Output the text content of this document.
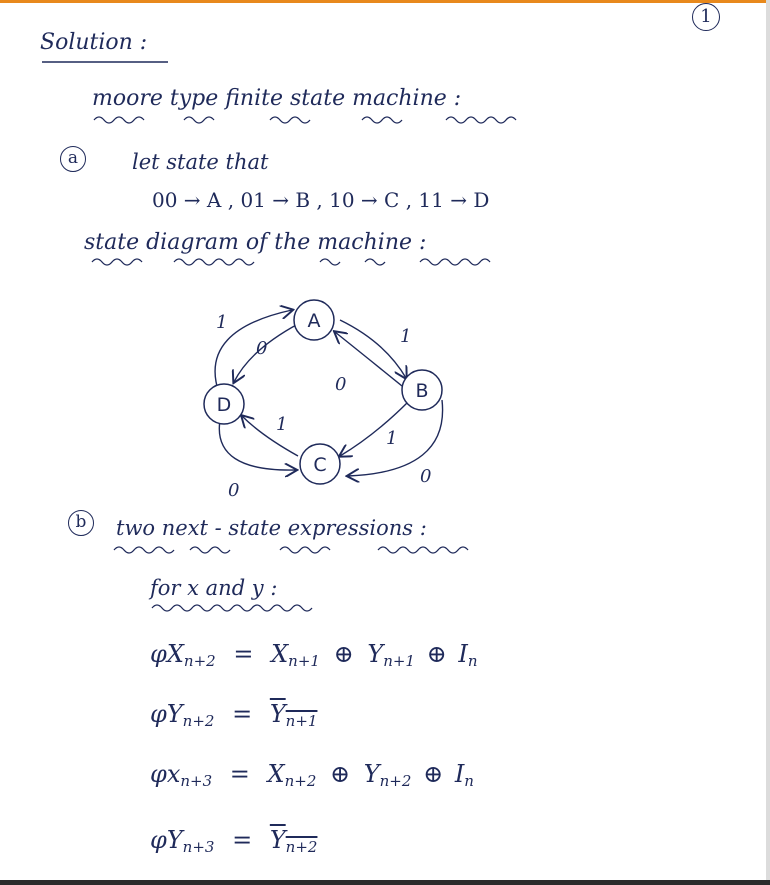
1
Solution :
moore type finite state machine :
a	let state that
00 → A , 01 → B , 10 → C , 11 → D
state diagram of the machine :
A
B
C
D
1
0
1
0
1
0
1
0
b	two next - state expressions :
for x and y :
$\varphi X_{n+2} = X_{n+1}$ ⊕ $Y_{n+1}$ ⊕ $I_n$
$\varphi Y_{n+2} = Y_{n+1}$
$\varphi x_{n+3} = X_{n+2}$ ⊕ $Y_{n+2}$ ⊕ $I_n$
$\varphi Y_{n+3} = Y_{n+2}$
